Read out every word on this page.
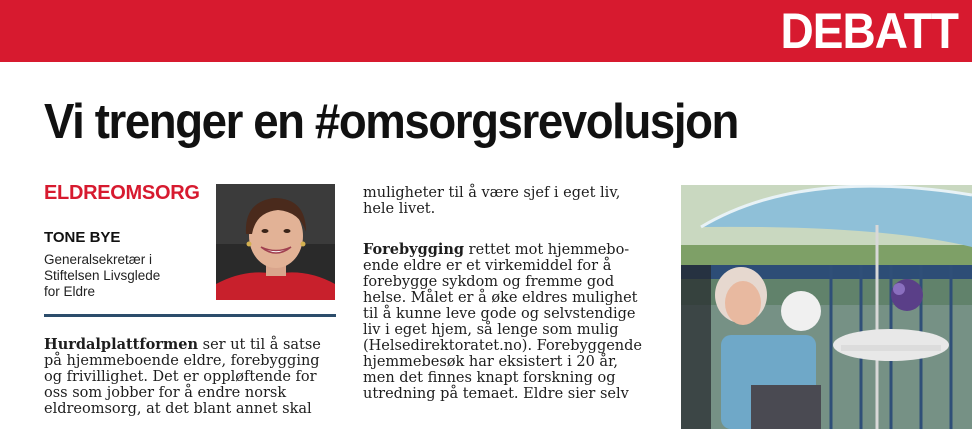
DEBATT
Vi trenger en #omsorgsrevolusjon
ELDREOMSORG
TONE BYE
Generalsekretær i
Stiftelsen Livsglede
for Eldre
Hurdalplattformen ser ut til å satse
på hjemmeboende eldre, forebygging
og frivillighet. Det er oppløftende for
oss som jobber for å endre norsk
eldreomsorg, at det blant annet skal
muligheter til å være sjef i eget liv,
hele livet.
Forebygging rettet mot hjemmebo-
ende eldre er et virkemiddel for å
forebygge sykdom og fremme god
helse. Målet er å øke eldres mulighet
til å kunne leve gode og selvstendige
liv i eget hjem, så lenge som mulig
(Helsedirektoratet.no). Forebyggende
hjemmebesøk har eksistert i 20 år,
men det finnes knapt forskning og
utredning på temaet. Eldre sier selv
